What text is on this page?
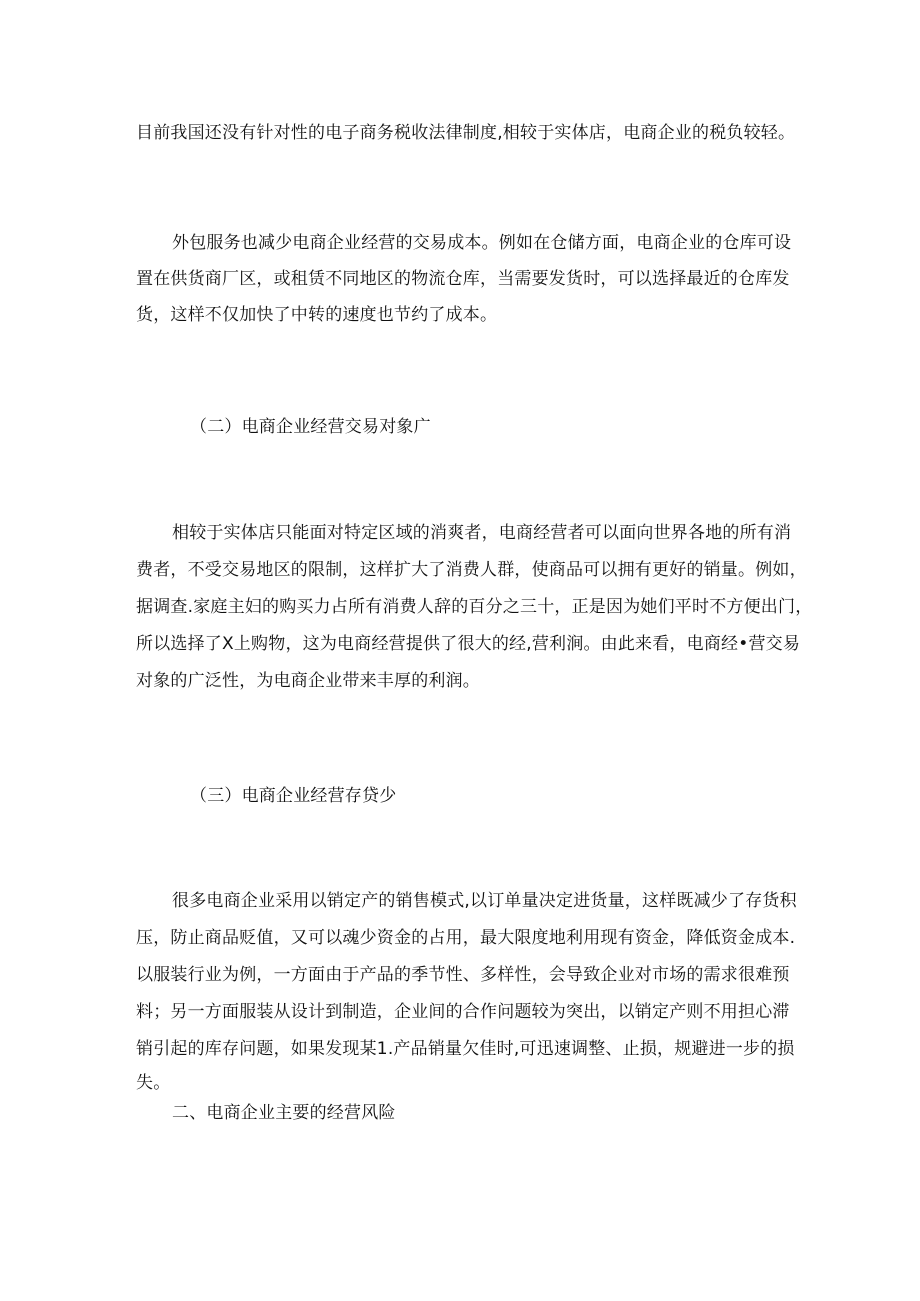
目前我国还没有针对性的电子商务税收法律制度,相较于实体店，电商企业的税负较轻。
外包服务也减少电商企业经营的交易成本。例如在仓储方面，电商企业的仓库可设
置在供货商厂区，或租赁不同地区的物流仓库，当需要发货时，可以选择最近的仓库发
货，这样不仅加快了中转的速度也节约了成本。
（二）电商企业经营交易对象广
相较于实体店只能面对特定区域的消爽者，电商经营者可以面向世界各地的所有消
费者，不受交易地区的限制，这样扩大了消费人群，使商品可以拥有更好的销量。例如，
据调查.家庭主妇的购买力占所有消费人辞的百分之三十，正是因为她们平时不方便出门，
所以选择了X上购物，这为电商经营提供了很大的经,营利涧。由此来看，电商经•营交易
对象的广泛性，为电商企业带来丰厚的利润。
（三）电商企业经营存贷少
很多电商企业采用以销定产的销售模式,以订单量决定进货量，这样既减少了存货积
压，防止商品贬值，又可以魂少资金的占用，最大限度地利用现有资金，降低资金成本.
以服装行业为例，一方面由于产品的季节性、多样性，会导致企业对市场的需求很难预
料；另一方面服装从设计到制造，企业间的合作问题较为突出，以销定产则不用担心滞
销引起的库存问题，如果发现某1.产品销量欠佳时,可迅速调整、止损，规避进一步的损
失。
二、电商企业主要的经营风险
